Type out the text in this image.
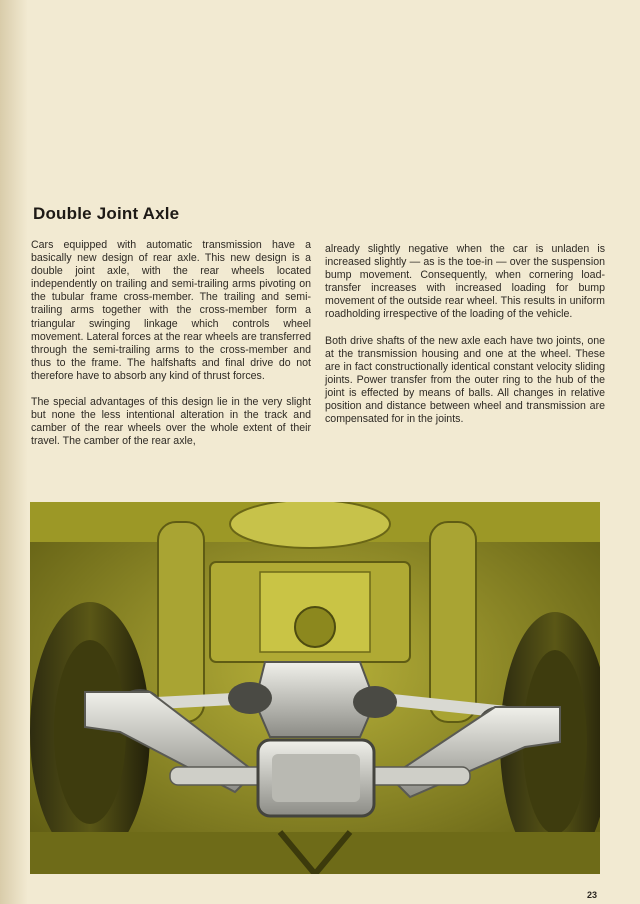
Double Joint Axle

Cars equipped with automatic transmission have a basically new design of rear axle. This new design is a double joint axle, with the rear wheels located independently on trailing and semi-trailing arms pivoting on the tubular frame cross-member. The trailing and semi-trailing arms together with the cross-member form a triangular swinging linkage which controls wheel movement. Lateral forces at the rear wheels are transferred through the semi-trailing arms to the cross-member and thus to the frame. The halfshafts and final drive do not therefore have to absorb any kind of thrust forces.

The special advantages of this design lie in the very slight but none the less intentional alteration in the track and camber of the rear wheels over the whole extent of their travel. The camber of the rear axle,

already slightly negative when the car is unladen is increased slightly — as is the toe-in — over the suspension bump movement. Consequently, when cornering load-transfer increases with increased loading for bump movement of the outside rear wheel. This results in uniform roadholding irrespective of the loading of the vehicle.

Both drive shafts of the new axle each have two joints, one at the transmission housing and one at the wheel. These are in fact constructionally identical constant velocity sliding joints. Power transfer from the outer ring to the hub of the joint is effected by means of balls. All changes in relative position and distance between wheel and transmission are compensated for in the joints.

23
